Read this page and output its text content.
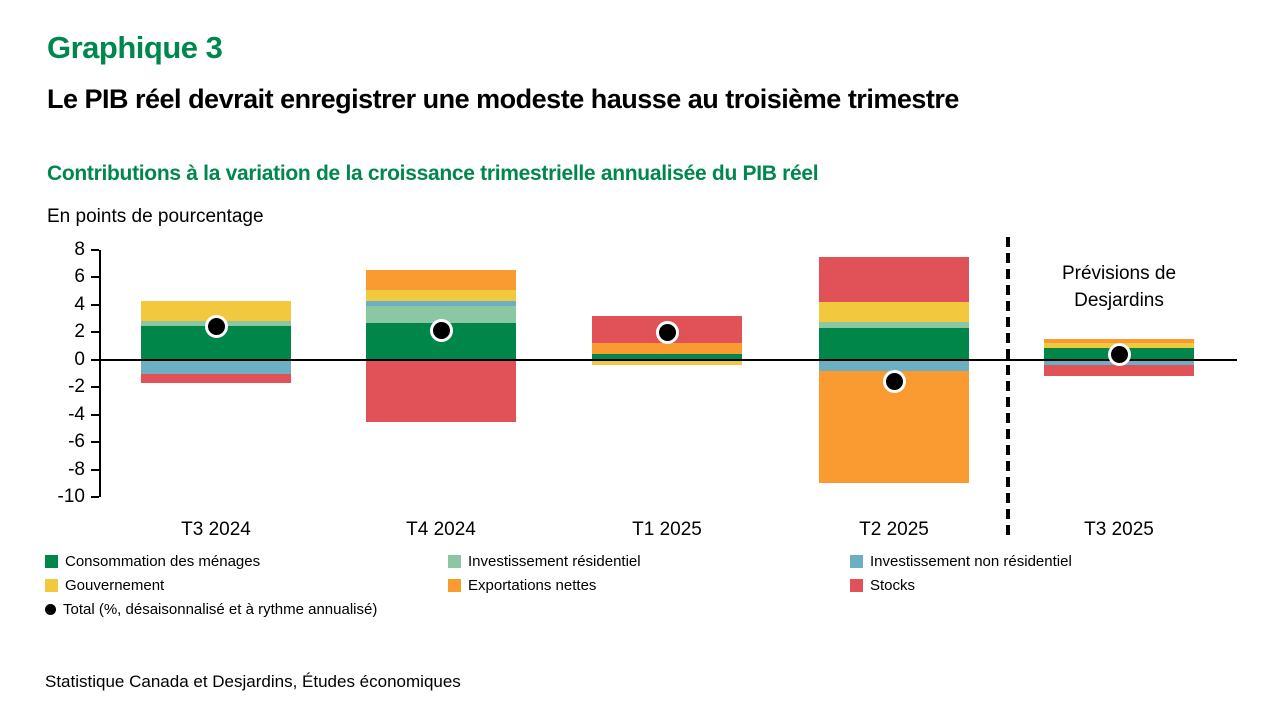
Graphique 3
Le PIB réel devrait enregistrer une modeste hausse au troisième trimestre
Contributions à la variation de la croissance trimestrielle annualisée du PIB réel
En points de pourcentage
8
6
4
2
0
-2
-4
-6
-8
-10
T3 2024	T4 2024	T1 2025	T2 2025	T3 2025
Prévisions de
Desjardins
Consommation des ménages	Investissement résidentiel	Investissement non résidentiel
Gouvernement	Exportations nettes	Stocks
Total (%, désaisonnalisé et à rythme annualisé)
Statistique Canada et Desjardins, Études économiques
